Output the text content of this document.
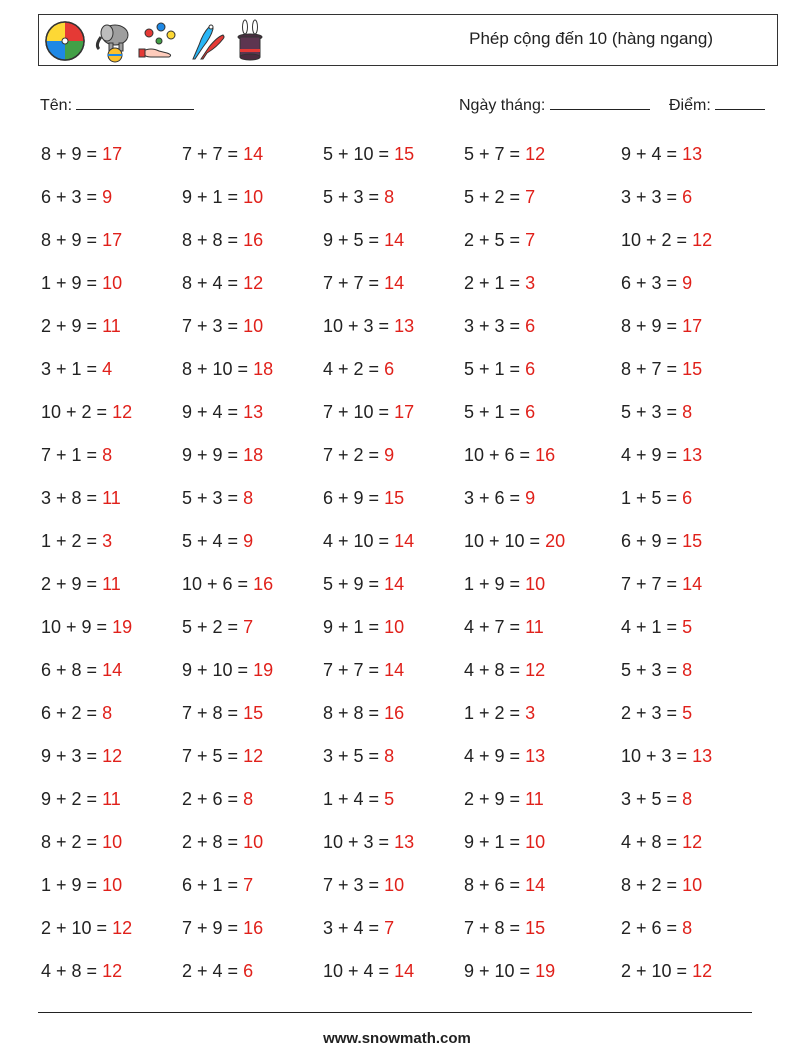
Phép cộng đến 10 (hàng ngang)
Tên:	Ngày tháng:	Điểm:
8 + 9 = 17	7 + 7 = 14	5 + 10 = 15	5 + 7 = 12	9 + 4 = 13
6 + 3 = 9	9 + 1 = 10	5 + 3 = 8	5 + 2 = 7	3 + 3 = 6
8 + 9 = 17	8 + 8 = 16	9 + 5 = 14	2 + 5 = 7	10 + 2 = 12
1 + 9 = 10	8 + 4 = 12	7 + 7 = 14	2 + 1 = 3	6 + 3 = 9
2 + 9 = 11	7 + 3 = 10	10 + 3 = 13	3 + 3 = 6	8 + 9 = 17
3 + 1 = 4	8 + 10 = 18	4 + 2 = 6	5 + 1 = 6	8 + 7 = 15
10 + 2 = 12	9 + 4 = 13	7 + 10 = 17	5 + 1 = 6	5 + 3 = 8
7 + 1 = 8	9 + 9 = 18	7 + 2 = 9	10 + 6 = 16	4 + 9 = 13
3 + 8 = 11	5 + 3 = 8	6 + 9 = 15	3 + 6 = 9	1 + 5 = 6
1 + 2 = 3	5 + 4 = 9	4 + 10 = 14	10 + 10 = 20	6 + 9 = 15
2 + 9 = 11	10 + 6 = 16	5 + 9 = 14	1 + 9 = 10	7 + 7 = 14
10 + 9 = 19	5 + 2 = 7	9 + 1 = 10	4 + 7 = 11	4 + 1 = 5
6 + 8 = 14	9 + 10 = 19	7 + 7 = 14	4 + 8 = 12	5 + 3 = 8
6 + 2 = 8	7 + 8 = 15	8 + 8 = 16	1 + 2 = 3	2 + 3 = 5
9 + 3 = 12	7 + 5 = 12	3 + 5 = 8	4 + 9 = 13	10 + 3 = 13
9 + 2 = 11	2 + 6 = 8	1 + 4 = 5	2 + 9 = 11	3 + 5 = 8
8 + 2 = 10	2 + 8 = 10	10 + 3 = 13	9 + 1 = 10	4 + 8 = 12
1 + 9 = 10	6 + 1 = 7	7 + 3 = 10	8 + 6 = 14	8 + 2 = 10
2 + 10 = 12	7 + 9 = 16	3 + 4 = 7	7 + 8 = 15	2 + 6 = 8
4 + 8 = 12	2 + 4 = 6	10 + 4 = 14	9 + 10 = 19	2 + 10 = 12
www.snowmath.com
